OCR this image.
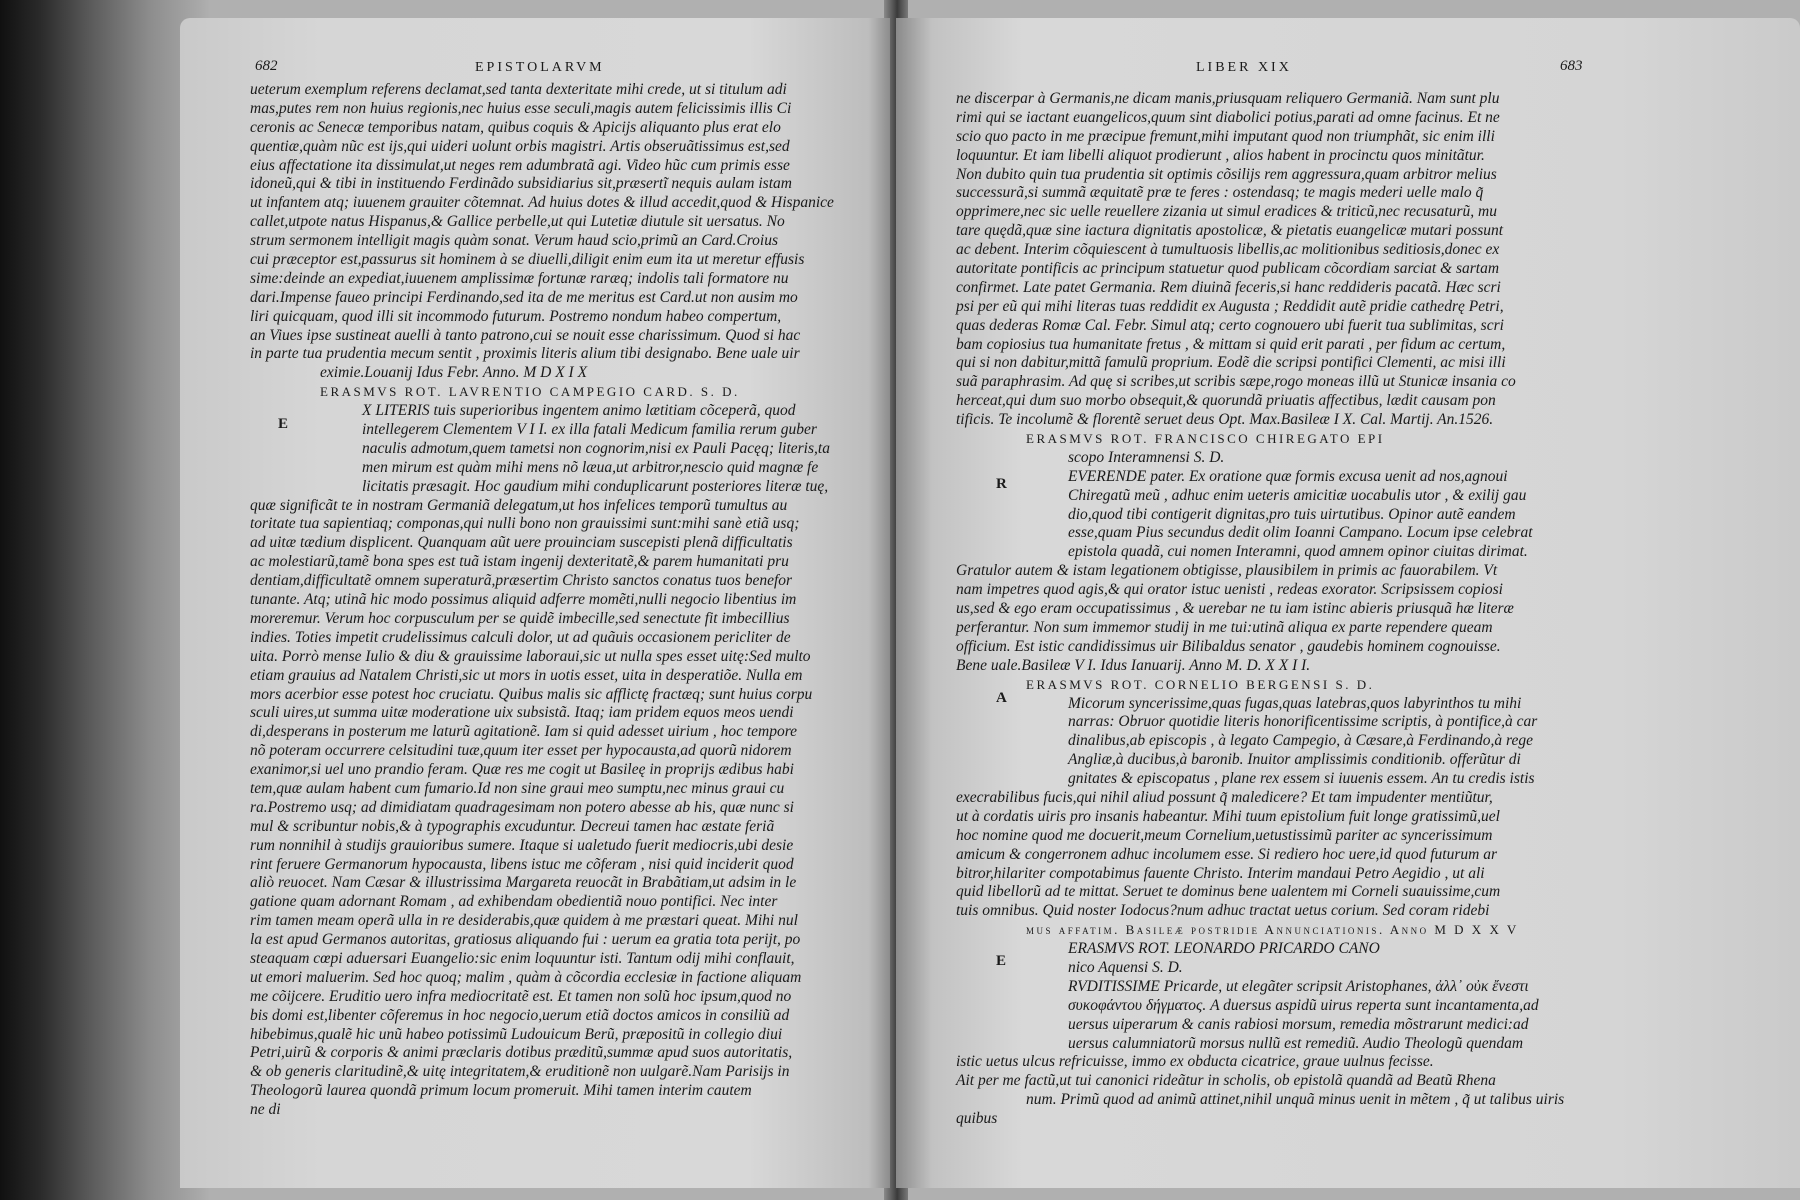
682	EPISTOLARVM
E
ueterum exemplum referens declamat,sed tanta dexteritate mihi crede, ut si titulum adi
mas,putes rem non huius regionis,nec huius esse seculi,magis autem felicissimis illis Ci
ceronis ac Senecæ temporibus natam, quibus coquis & Apicijs aliquanto plus erat elo
quentiæ,quàm nũc est ijs,qui uideri uolunt orbis magistri. Artis obseruãtissimus est,sed
eius affectatione ita dissimulat,ut neges rem adumbratã agi. Video hũc cum primis esse
idoneũ,qui & tibi in instituendo Ferdinãdo subsidiarius sit,præsertĩ nequis aulam istam
ut infantem atq; iuuenem grauiter cõtemnat. Ad huius dotes & illud accedit,quod & Hispanice
callet,utpote natus Hispanus,& Gallice perbelle,ut qui Lutetiæ diutule sit uersatus. No
strum sermonem intelligit magis quàm sonat. Verum haud scio,primũ an Card.Croius
cui præceptor est,passurus sit hominem à se diuelli,diligit enim eum ita ut meretur effusis
sime:deinde an expediat,iuuenem amplissimæ fortunæ raræq; indolis tali formatore nu
dari.Impense faueo principi Ferdinando,sed ita de me meritus est Card.ut non ausim mo
liri quicquam, quod illi sit incommodo futurum. Postremo nondum habeo compertum,
an Viues ipse sustineat auelli à tanto patrono,cui se nouit esse charissimum. Quod si hac
in parte tua prudentia mecum sentit , proximis literis alium tibi designabo. Bene uale uir
eximie.Louanij Idus Febr. Anno. M D X I X
ERASMVS ROT. LAVRENTIO CAMPEGIO CARD. S. D.
X LITERIS tuis superioribus ingentem animo lætitiam cõceperã, quod
intellegerem Clementem V I I. ex illa fatali Medicum familia rerum guber
naculis admotum,quem tametsi non cognorim,nisi ex Pauli Pacęq; literis,ta
men mirum est quàm mihi mens nõ læua,ut arbitror,nescio quid magnæ fe
licitatis præsagit. Hoc gaudium mihi conduplicarunt posteriores literæ tuę,
quæ significãt te in nostram Germaniã delegatum,ut hos infelices temporũ tumultus au
toritate tua sapientiaq; componas,qui nulli bono non grauissimi sunt:mihi sanè etiã usq;
ad uitæ tædium displicent. Quanquam aũt uere prouinciam suscepisti plenã difficultatis
ac molestiarũ,tamẽ bona spes est tuã istam ingenij dexteritatẽ,& parem humanitati pru
dentiam,difficultatẽ omnem superaturã,præsertim Christo sanctos conatus tuos benefor
tunante. Atq; utinã hic modo possimus aliquid adferre momẽti,nulli negocio libentius im
moreremur. Verum hoc corpusculum per se quidẽ imbecille,sed senectute fit imbecillius
indies. Toties impetit crudelissimus calculi dolor, ut ad quãuis occasionem pericliter de
uita. Porrò mense Iulio & diu & grauissime laboraui,sic ut nulla spes esset uitę:Sed multo
etiam grauius ad Natalem Christi,sic ut mors in uotis esset, uita in desperatiõe. Nulla em
mors acerbior esse potest hoc cruciatu. Quibus malis sic afflictę fractæq; sunt huius corpu
sculi uires,ut summa uitæ moderatione uix subsistã. Itaq; iam pridem equos meos uendi
di,desperans in posterum me laturũ agitationẽ. Iam si quid adesset uirium , hoc tempore
nõ poteram occurrere celsitudini tuæ,quum iter esset per hypocausta,ad quorũ nidorem
exanimor,si uel uno prandio feram. Quæ res me cogit ut Basileę in proprijs ædibus habi
tem,quæ aulam habent cum fumario.Id non sine graui meo sumptu,nec minus graui cu
ra.Postremo usq; ad dimidiatam quadragesimam non potero abesse ab his, quæ nunc si
mul & scribuntur nobis,& à typographis excuduntur. Decreui tamen hac æstate feriã
rum nonnihil à studijs grauioribus sumere. Itaque si ualetudo fuerit mediocris,ubi desie
rint feruere Germanorum hypocausta, libens istuc me cõferam , nisi quid inciderit quod
aliò reuocet. Nam Cæsar & illustrissima Margareta reuocãt in Brabãtiam,ut adsim in le
gatione quam adornant Romam , ad exhibendam obedientiã nouo pontifici. Nec inter
rim tamen meam operã ulla in re desiderabis,quæ quidem à me præstari queat. Mihi nul
la est apud Germanos autoritas, gratiosus aliquando fui : uerum ea gratia tota perijt, po
steaquam cœpi aduersari Euangelio:sic enim loquuntur isti. Tantum odij mihi conflauit,
ut emori maluerim. Sed hoc quoq; malim , quàm à cõcordia ecclesiæ in factione aliquam
me cõijcere. Eruditio uero infra mediocritatẽ est. Et tamen non solũ hoc ipsum,quod no
bis domi est,libenter cõferemus in hoc negocio,uerum etiã doctos amicos in consiliũ ad
hibebimus,qualẽ hic unũ habeo potissimũ Ludouicum Berũ, præpositũ in collegio diui
Petri,uirũ & corporis & animi præclaris dotibus præditũ,summæ apud suos autoritatis,
& ob generis claritudinẽ,& uitę integritatem,& eruditionẽ non uulgarẽ.Nam Parisijs in
Theologorũ laurea quondã primum locum promeruit. Mihi tamen interim cautem
ne di
LIBER XIX	683
R
A
E
ne discerpar à Germanis,ne dicam manis,priusquam reliquero Germaniã. Nam sunt plu
rimi qui se iactant euangelicos,quum sint diabolici potius,parati ad omne facinus. Et ne
scio quo pacto in me præcipue fremunt,mihi imputant quod non triumphãt, sic enim illi
loquuntur. Et iam libelli aliquot prodierunt , alios habent in procinctu quos minitãtur.
Non dubito quin tua prudentia sit optimis cõsilijs rem aggressura,quam arbitror melius
successurã,si summã æquitatẽ præ te feres : ostendasq; te magis mederi uelle malo q̃
opprimere,nec sic uelle reuellere zizania ut simul eradices & triticũ,nec recusaturũ, mu
tare quędã,quæ sine iactura dignitatis apostolicæ, & pietatis euangelicæ mutari possunt
ac debent. Interim cõquiescent à tumultuosis libellis,ac molitionibus seditiosis,donec ex
autoritate pontificis ac principum statuetur quod publicam cõcordiam sarciat & sartam
confirmet. Late patet Germania. Rem diuinã feceris,si hanc reddideris pacatã. Hæc scri
psi per eũ qui mihi literas tuas reddidit ex Augusta ; Reddidit autẽ pridie cathedrę Petri,
quas dederas Romæ Cal. Febr. Simul atq; certo cognouero ubi fuerit tua sublimitas, scri
bam copiosius tua humanitate fretus , & mittam si quid erit parati , per fidum ac certum,
qui si non dabitur,mittã famulũ proprium. Eodẽ die scripsi pontifici Clementi, ac misi illi
suã paraphrasim. Ad quę si scribes,ut scribis sæpe,rogo moneas illũ ut Stunicæ insania co
herceat,qui dum suo morbo obsequit,& quorundã priuatis affectibus, lædit causam pon
tificis. Te incolumẽ & florentẽ seruet deus Opt. Max.Basileæ I X. Cal. Martij. An.1526.
ERASMVS ROT. FRANCISCO CHIREGATO EPI
scopo Interamnensi S. D.
EVERENDE pater. Ex oratione quæ formis excusa uenit ad nos,agnoui
Chiregatũ meũ , adhuc enim ueteris amicitiæ uocabulis utor , & exilij gau
dio,quod tibi contigerit dignitas,pro tuis uirtutibus. Opinor autẽ eandem
esse,quam Pius secundus dedit olim Ioanni Campano. Locum ipse celebrat
epistola quadã, cui nomen Interamni, quod amnem opinor ciuitas dirimat.
Gratulor autem & istam legationem obtigisse, plausibilem in primis ac fauorabilem. Vt
nam impetres quod agis,& qui orator istuc uenisti , redeas exorator. Scripsissem copiosi
us,sed & ego eram occupatissimus , & uerebar ne tu iam istinc abieris priusquã hæ literæ
perferantur. Non sum immemor studij in me tui:utinã aliqua ex parte rependere queam
officium. Est istic candidissimus uir Bilibaldus senator , gaudebis hominem cognouisse.
Bene uale.Basileæ V I. Idus Ianuarij. Anno M. D. X X I I.
ERASMVS ROT. CORNELIO BERGENSI S. D.
Micorum syncerissime,quas fugas,quas latebras,quos labyrinthos tu mihi
narras: Obruor quotidie literis honorificentissime scriptis, à pontifice,à car
dinalibus,ab episcopis , à legato Campegio, à Cæsare,à Ferdinando,à rege
Angliæ,à ducibus,à baronib. Inuitor amplissimis conditionib. offerũtur di
gnitates & episcopatus , plane rex essem si iuuenis essem. An tu credis istis
execrabilibus fucis,qui nihil aliud possunt q̃ maledicere? Et tam impudenter mentiũtur,
ut à cordatis uiris pro insanis habeantur. Mihi tuum epistolium fuit longe gratissimũ,uel
hoc nomine quod me docuerit,meum Cornelium,uetustissimũ pariter ac syncerissimum
amicum & congerronem adhuc incolumem esse. Si rediero hoc uere,id quod futurum ar
bitror,hilariter compotabimus fauente Christo. Interim mandaui Petro Aegidio , ut ali
quid libellorũ ad te mittat. Seruet te dominus bene ualentem mi Corneli suauissime,cum
tuis omnibus. Quid noster Iodocus?num adhuc tractat uetus corium. Sed coram ridebi
mus affatim. Basileæ postridie Annunciationis. Anno M D X X V
ERASMVS ROT. LEONARDO PRICARDO CANO
nico Aquensi S. D.
RVDITISSIME Pricarde, ut elegãter scripsit Aristophanes, ἀλλ᾽ οὐκ ἔνεστι
συκοφάντου δήγματος. A duersus aspidũ uirus reperta sunt incantamenta,ad
uersus uiperarum & canis rabiosi morsum, remedia mõstrarunt medici:ad
uersus calumniatorũ morsus nullũ est remediũ. Audio Theologũ quendam
istic uetus ulcus refricuisse, immo ex obducta cicatrice, graue uulnus fecisse.
Ait per me factũ,ut tui canonici rideãtur in scholis, ob epistolã quandã ad Beatũ Rhena
num. Primũ quod ad animũ attinet,nihil unquã minus uenit in mẽtem , q̃ ut talibus uiris
quibus
